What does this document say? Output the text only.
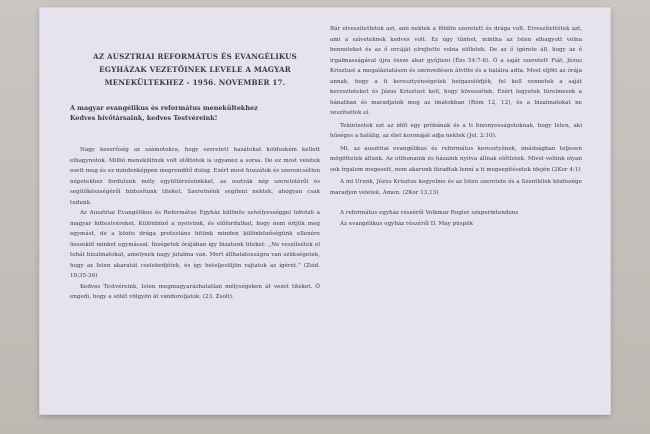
AZ AUSZTRIAI REFORMÁTUS ÉS EVANGÉLIKUS
EGYHÁZAK VEZETŐINEK LEVELE A MAGYAR
MENEKÜLTEKHEZ - 1956. NOVEMBER 17.
A magyar evangélikus és református menekültekhez
Kedves hívőtársaink, kedves Testvéreink!

Nagy keserűség az számotokra, hogy szeretett hazátokat kolduském kellett elhagynotok. Millió menekültnek volt előttetek is ugyanez a sorsa. De ez most veletek esett meg és ez mindenképpen megrendítő dolog. Ezért most hozzátok és szerencsétlen népetekhez fordulunk mély együttérzésünkkel, az osztrák nép szeretetéről és segítőkészségéről biztosítunk titeket. Szeretnénk segíteni nektek, ahogyan csak tudunk.

Az Ausztriai Evangélikus és Református Egyház különös szívélyességgel üdvözli a magyar hittestvéreket. Különböző a nyelvünk, és előfordulhat, hogy nem értjük meg egymást, de a közös drága protestáns hitünk minden különbözőségünk ellenére összeköt minket egymással. Ínségetek órájában így bizatunk titeket: „Ne veszítsétek el tehát bizalmatokat, amelynek nagy jutalma van. Mert állhatatosságra van szükségetek, hogy az Isten akaratát cselekedjétek, és így beteljesüljön rajtatok az ígéret.” (Zsid. 10:35-36)

Kedves Testvéreink, Isten megmagyarázhatatlan mélységeken át vezet titeket. Ő engedi, hogy a sötét völgyön át vándoroljatok. (23. Zsolt).

Bár elveszítettetek azt, ami nektek a földön szeretett és drága volt. Elveszítettétek azt, ami a szíveteknek kedves volt. Ez úgy tűnhet, mintha az Isten elhagyott volna benneteket és az ő orcáját elrejtette volna előletek. De az ő igérete áll, hogy az ő irgalmasságával újra össze akar gyűjteni (Ézs 54:7-8). Ő a saját szeretett Fiát, Jézus Krisztust a megaláztatáson és szenvedésen átvitte és a halálra adta. Most eljött az órája annak, hogy a ti keresztyénségetek beigazolódjék, fel kell vennetek a saját kereszteteket és Jézus Krisztust kell, hogy kövessétek. Ezért legyetek türelmesek a bánatban és maradjatok meg az imátokban (Róm 12, 12), és a bizalmatokat ne veszítsétek el.

Tekintsetek ezt az időt egy próbának és a ti bizonyosságotoknak, hogy Isten, aki hűséges a halálig, az élet koronáját adja nektek (Jel. 2:10).

Mi, az ausztriai evangélikus és református keresztyének, imádságban teljesen mögöttetek állunk. Az otthonaink és házaink nyitva állnak előttetek. Mivel velünk olyan sok írgalom megesett, nem akarunk fáradtak lenni a ti megsegítésetek idején (2Kor 4:1)

A mi Urunk, Jézus Krisztus kegyelme és az Isten szeretete és a Szentlélek közössége maradjon veletek. Ámen. (2Kor 13,13)

A református egyház részéről Volkmar Rogler szuperintendens

Az evangélikus egyház részéről D. May püspök
